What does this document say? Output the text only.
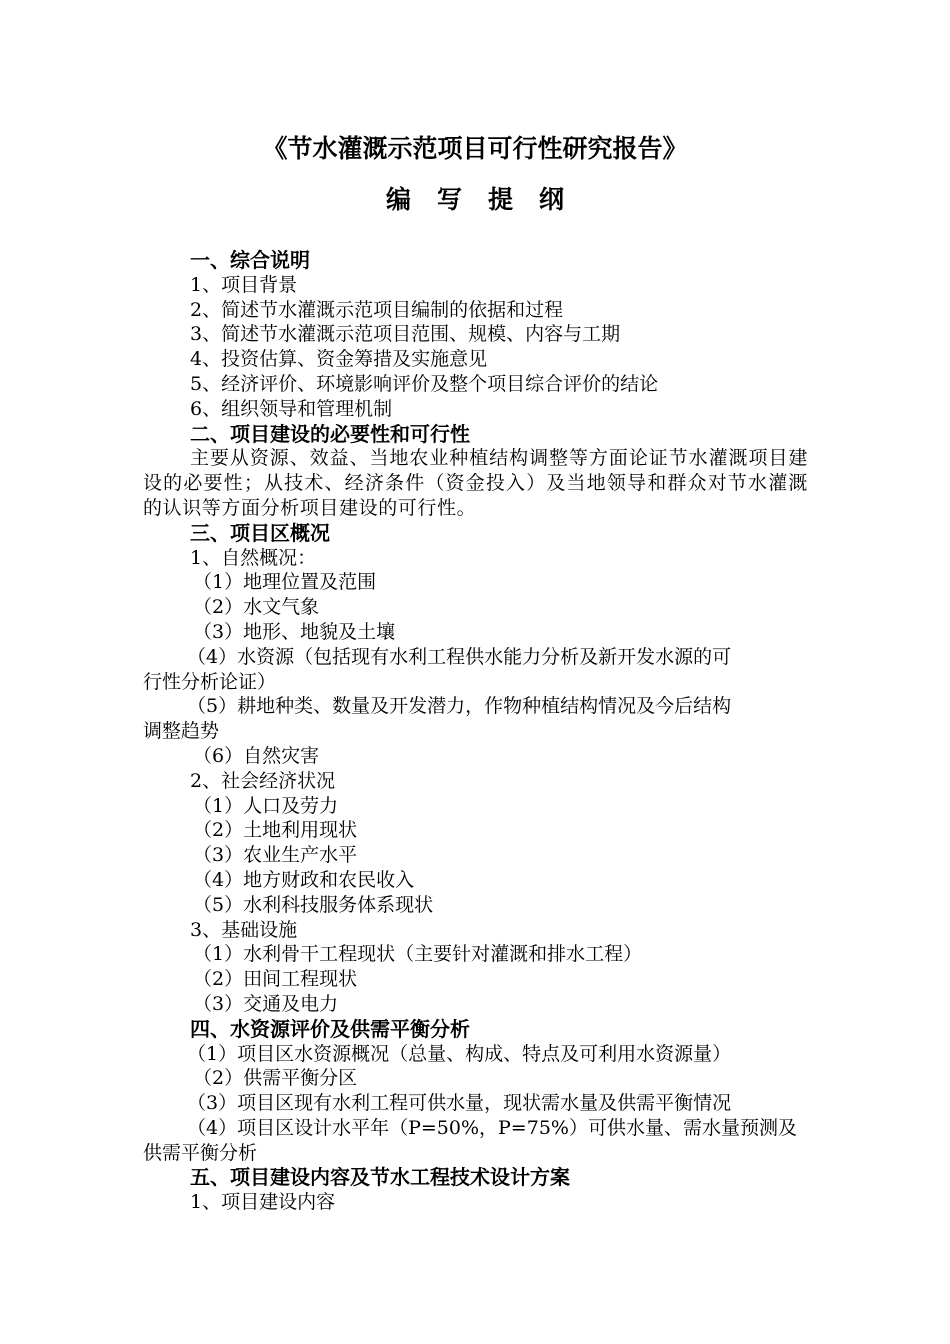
《节水灌溉示范项目可行性研究报告》
编写提纲
一、综合说明
1、项目背景
2、简述节水灌溉示范项目编制的依据和过程
3、简述节水灌溉示范项目范围、规模、内容与工期
4、投资估算、资金筹措及实施意见
5、经济评价、环境影响评价及整个项目综合评价的结论
6、组织领导和管理机制
二、项目建设的必要性和可行性
主要从资源、效益、当地农业种植结构调整等方面论证节水灌溉项目建设的必要性；从技术、经济条件（资金投入）及当地领导和群众对节水灌溉的认识等方面分析项目建设的可行性。
三、项目区概况
1、自然概况：
（1）地理位置及范围
（2）水文气象
（3）地形、地貌及土壤
（4）水资源（包括现有水利工程供水能力分析及新开发水源的可
行性分析论证）
（5）耕地种类、数量及开发潜力，作物种植结构情况及今后结构
调整趋势
（6）自然灾害
2、社会经济状况
（1）人口及劳力
（2）土地利用现状
（3）农业生产水平
（4）地方财政和农民收入
（5）水利科技服务体系现状
3、基础设施
（1）水利骨干工程现状（主要针对灌溉和排水工程）
（2）田间工程现状
（3）交通及电力
四、水资源评价及供需平衡分析
（1）项目区水资源概况（总量、构成、特点及可利用水资源量）
（2）供需平衡分区
（3）项目区现有水利工程可供水量，现状需水量及供需平衡情况
（4）项目区设计水平年（P=50%，P=75%）可供水量、需水量预测及
供需平衡分析
五、项目建设内容及节水工程技术设计方案
1、项目建设内容
